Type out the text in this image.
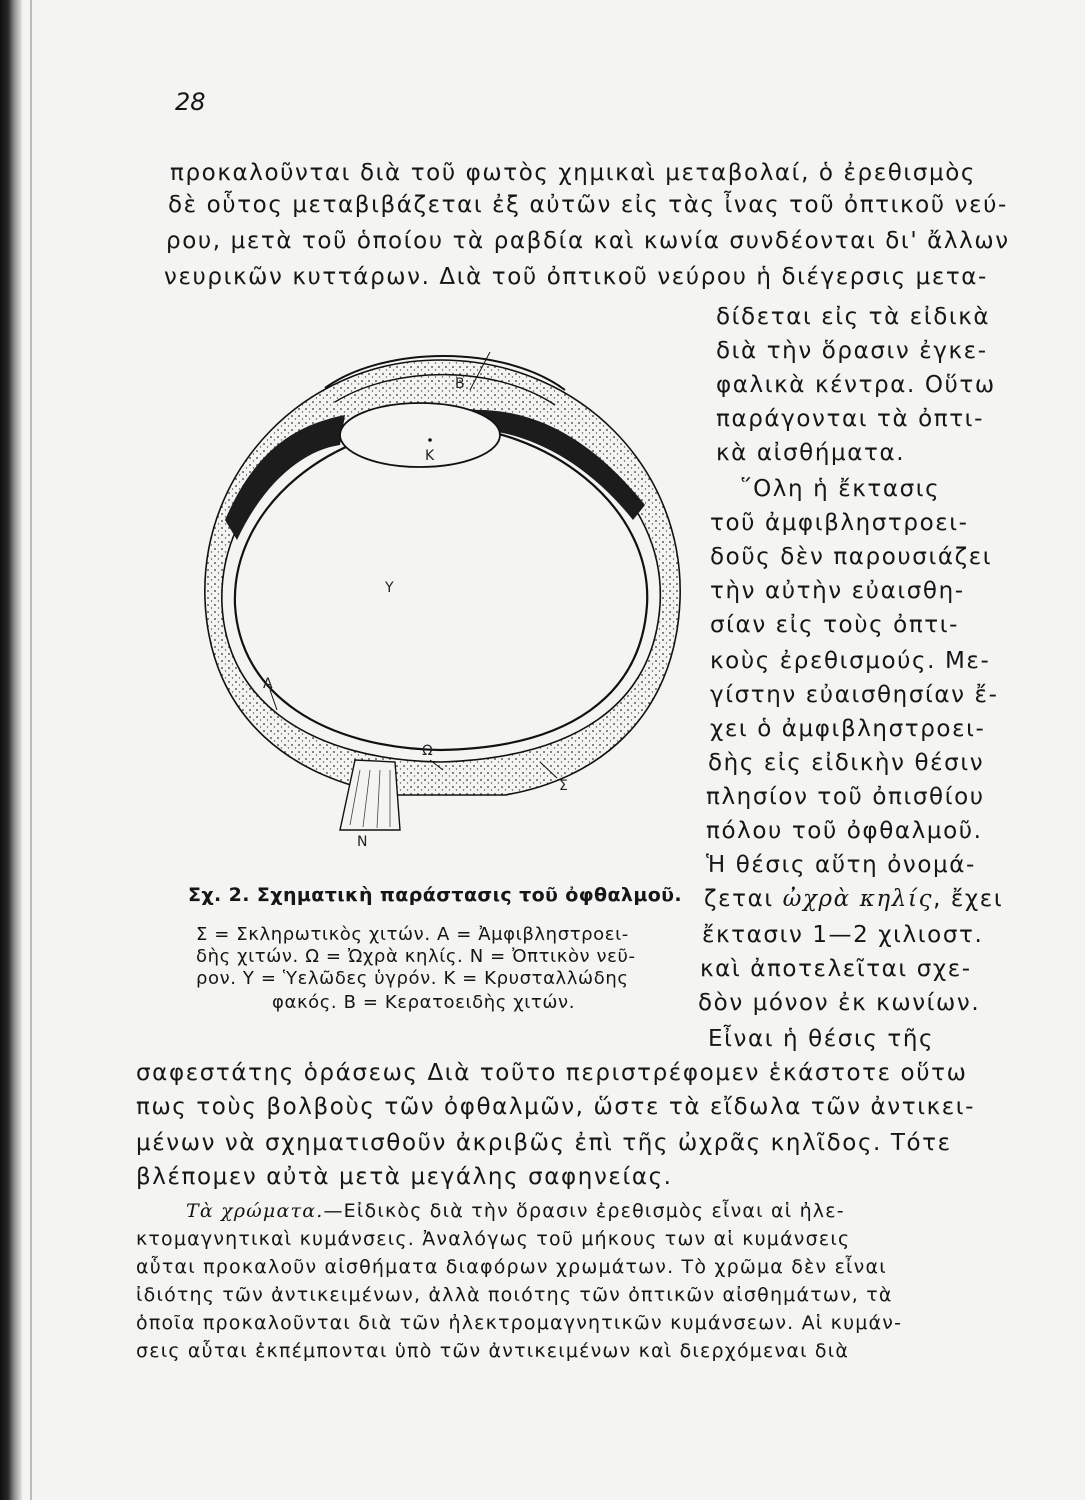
28
προκαλοῦνται διὰ τοῦ φωτὸς χημικαὶ μεταβολαί, ὁ ἐρεθισμὸς
δὲ οὗτος μεταβιβάζεται ἐξ αὐτῶν εἰς τὰς ἶνας τοῦ ὀπτικοῦ νεύ-
ρου, μετὰ τοῦ ὁποίου τὰ ραβδία καὶ κωνία συνδέονται δι' ἄλλων
νευρικῶν κυττάρων. Διὰ τοῦ ὀπτικοῦ νεύρου ἡ διέγερσις μετα-
δίδεται εἰς τὰ εἰδικὰ
διὰ τὴν ὅρασιν ἐγκε-
φαλικὰ κέντρα. Οὕτω
παράγονται τὰ ὀπτι-
κὰ αἰσθήματα.
῞Ολη ἡ ἔκτασις
τοῦ ἀμφιβληστροει-
δοῦς δὲν παρουσιάζει
τὴν αὐτὴν εὐαισθη-
σίαν εἰς τοὺς ὀπτι-
κοὺς ἐρεθισμούς. Με-
γίστην εὐαισθησίαν ἔ-
χει ὁ ἀμφιβληστροει-
δὴς εἰς εἰδικὴν θέσιν
πλησίον τοῦ ὀπισθίου
πόλου τοῦ ὀφθαλμοῦ.
Ἡ θέσις αὕτη ὀνομά-
ζεται ὠχρὰ κηλίς, ἔχει
ἔκτασιν 1—2 χιλιοστ.
καὶ ἀποτελεῖται σχε-
δὸν μόνον ἐκ κωνίων.
Εἶναι ἡ θέσις τῆς
σαφεστάτης ὁράσεως Διὰ τοῦτο περιστρέφομεν ἑκάστοτε οὕτω
πως τοὺς βολβοὺς τῶν ὀφθαλμῶν, ὥστε τὰ εἴδωλα τῶν ἀντικει-
μένων νὰ σχηματισθοῦν ἀκριβῶς ἐπὶ τῆς ὠχρᾶς κηλῖδος. Τότε
βλέπομεν αὐτὰ μετὰ μεγάλης σαφηνείας.
Τὰ χρώματα.—Εἰδικὸς διὰ τὴν ὅρασιν ἐρεθισμὸς εἶναι αἱ ἠλε-
κτομαγνητικαὶ κυμάνσεις. Ἀναλόγως τοῦ μήκους των αἱ κυμάνσεις
αὗται προκαλοῦν αἰσθήματα διαφόρων χρωμάτων. Τὸ χρῶμα δὲν εἶναι
ἰδιότης τῶν ἀντικειμένων, ἀλλὰ ποιότης τῶν ὀπτικῶν αἰσθημάτων, τὰ
ὁποῖα προκαλοῦνται διὰ τῶν ἠλεκτρομαγνητικῶν κυμάνσεων. Αἱ κυμάν-
σεις αὗται ἐκπέμπονται ὑπὸ τῶν ἀντικειμένων καὶ διερχόμεναι διὰ
Β
Κ
Υ
Α
Ω
Σ
Ν
Σχ. 2. Σχηματικὴ παράστασις τοῦ ὀφθαλμοῦ.
Σ = Σκληρωτικὸς χιτών. Α = Ἀμφιβληστροει-
δὴς χιτών. Ω = Ὠχρὰ κηλίς. Ν = Ὀπτικὸν νεῦ-
ρον. Υ = Ὑελῶδες ὑγρόν. Κ = Κρυσταλλώδης
φακός. Β = Κερατοειδὴς χιτών.
